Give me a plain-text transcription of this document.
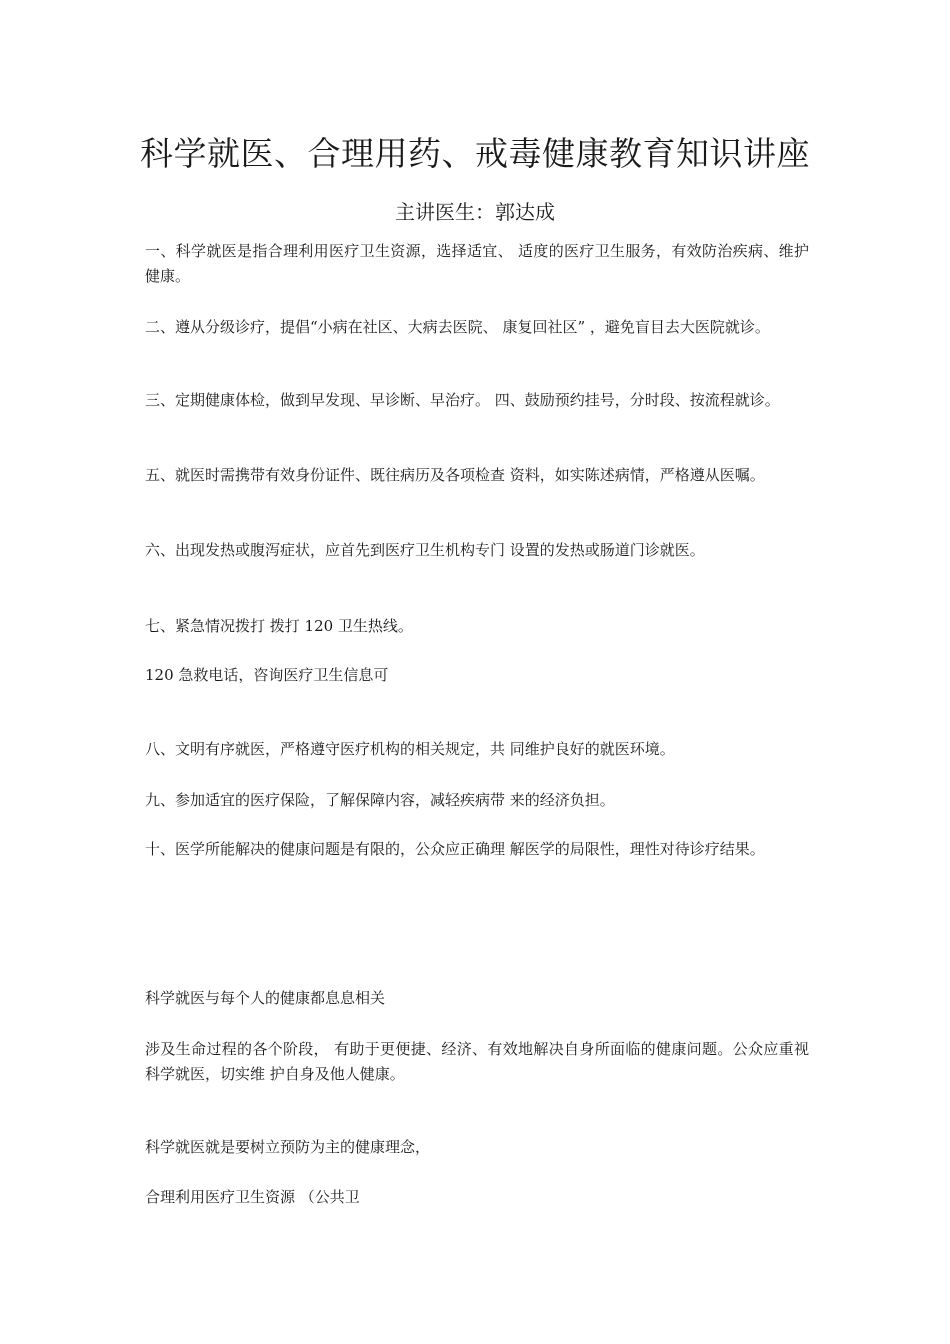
科学就医、合理用药、戒毒健康教育知识讲座

主讲医生：郭达成

一、科学就医是指合理利用医疗卫生资源，选择适宜、 适度的医疗卫生服务，有效防治疾病、维护健康。

二、遵从分级诊疗，提倡“小病在社区、大病去医院、 康复回社区” ，避免盲目去大医院就诊。

三、定期健康体检，做到早发现、早诊断、早治疗。 四、鼓励预约挂号，分时段、按流程就诊。

五、就医时需携带有效身份证件、既往病历及各项检查 资料，如实陈述病情，严格遵从医嘱。

六、出现发热或腹泻症状，应首先到医疗卫生机构专门 设置的发热或肠道门诊就医。

七、紧急情况拨打 拨打 120 卫生热线。

120 急救电话，咨询医疗卫生信息可

八、文明有序就医，严格遵守医疗机构的相关规定，共 同维护良好的就医环境。

九、参加适宜的医疗保险，了解保障内容，减轻疾病带 来的经济负担。

十、医学所能解决的健康问题是有限的，公众应正确理 解医学的局限性，理性对待诊疗结果。

科学就医与每个人的健康都息息相关

涉及生命过程的各个阶段， 有助于更便捷、经济、有效地解决自身所面临的健康问题。公众应重视科学就医，切实维 护自身及他人健康。

科学就医就是要树立预防为主的健康理念，

合理利用医疗卫生资源 （公共卫
